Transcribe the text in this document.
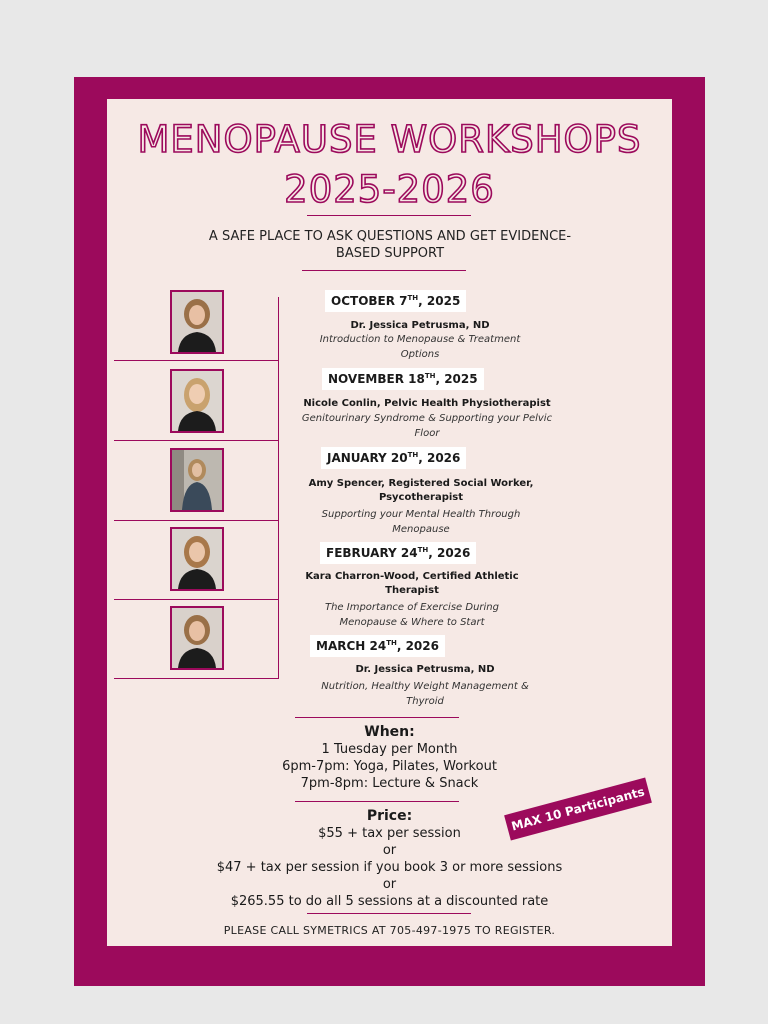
MENOPAUSE WORKSHOPS
2025-2026
A SAFE PLACE TO ASK QUESTIONS AND GET EVIDENCE-BASED SUPPORT
OCTOBER 7TH, 2025
Dr. Jessica Petrusma, ND
Introduction to Menopause & Treatment Options
NOVEMBER 18TH, 2025
Nicole Conlin, Pelvic Health Physiotherapist
Genitourinary Syndrome & Supporting your Pelvic Floor
JANUARY 20TH, 2026
Amy Spencer, Registered Social Worker, Psycotherapist
Supporting your Mental Health Through Menopause
FEBRUARY 24TH, 2026
Kara Charron-Wood, Certified Athletic Therapist
The Importance of Exercise During Menopause & Where to Start
MARCH 24TH, 2026
Dr. Jessica Petrusma, ND
Nutrition, Healthy Weight Management & Thyroid
When:
1 Tuesday per Month
6pm-7pm: Yoga, Pilates, Workout
7pm-8pm: Lecture & Snack
Price:
$55 + tax per session
or
$47 + tax per session if you book 3 or more sessions
or
$265.55 to do all 5 sessions at a discounted rate
MAX 10 Participants
PLEASE CALL SYMETRICS AT 705-497-1975 TO REGISTER.
